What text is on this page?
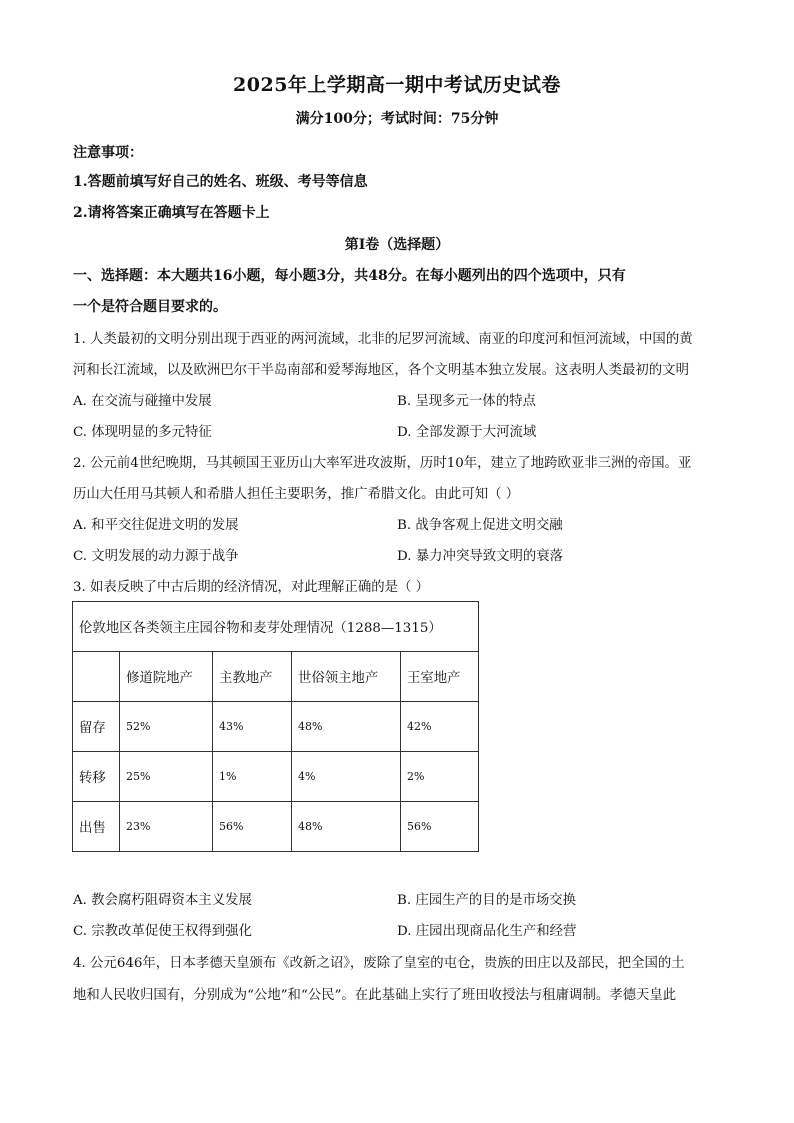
2025年上学期高一期中考试历史试卷
满分100分；考试时间：75分钟
注意事项：
1.答题前填写好自己的姓名、班级、考号等信息
2.请将答案正确填写在答题卡上
第Ⅰ卷（选择题）
一、选择题：本大题共16小题，每小题3分，共48分。在每小题列出的四个选项中，只有
一个是符合题目要求的。
1. 人类最初的文明分别出现于西亚的两河流域，北非的尼罗河流域、南亚的印度河和恒河流域，中国的黄
河和长江流域，以及欧洲巴尔干半岛南部和爱琴海地区，各个文明基本独立发展。这表明人类最初的文明
A. 在交流与碰撞中发展	B. 呈现多元一体的特点
C. 体现明显的多元特征	D. 全部发源于大河流域
2. 公元前4世纪晚期，马其顿国王亚历山大率军进攻波斯，历时10年，建立了地跨欧亚非三洲的帝国。亚
历山大任用马其顿人和希腊人担任主要职务，推广希腊文化。由此可知（ ）
A. 和平交往促进文明的发展	B. 战争客观上促进文明交融
C. 文明发展的动力源于战争	D. 暴力冲突导致文明的衰落
3. 如表反映了中古后期的经济情况，对此理解正确的是（ ）
伦敦地区各类领主庄园谷物和麦芽处理情况（1288—1315）				
	修道院地产	主教地产	世俗领主地产	王室地产
留存	52%	43%	48%	42%
转移	25%	1%	4%	2%
出售	23%	56%	48%	56%
A. 教会腐朽阻碍资本主义发展	B. 庄园生产的目的是市场交换
C. 宗教改革促使王权得到强化	D. 庄园出现商品化生产和经营
4. 公元646年，日本孝德天皇颁布《改新之诏》，废除了皇室的屯仓，贵族的田庄以及部民，把全国的土
地和人民收归国有，分别成为“公地”和“公民”。在此基础上实行了班田收授法与租庸调制。孝德天皇此
